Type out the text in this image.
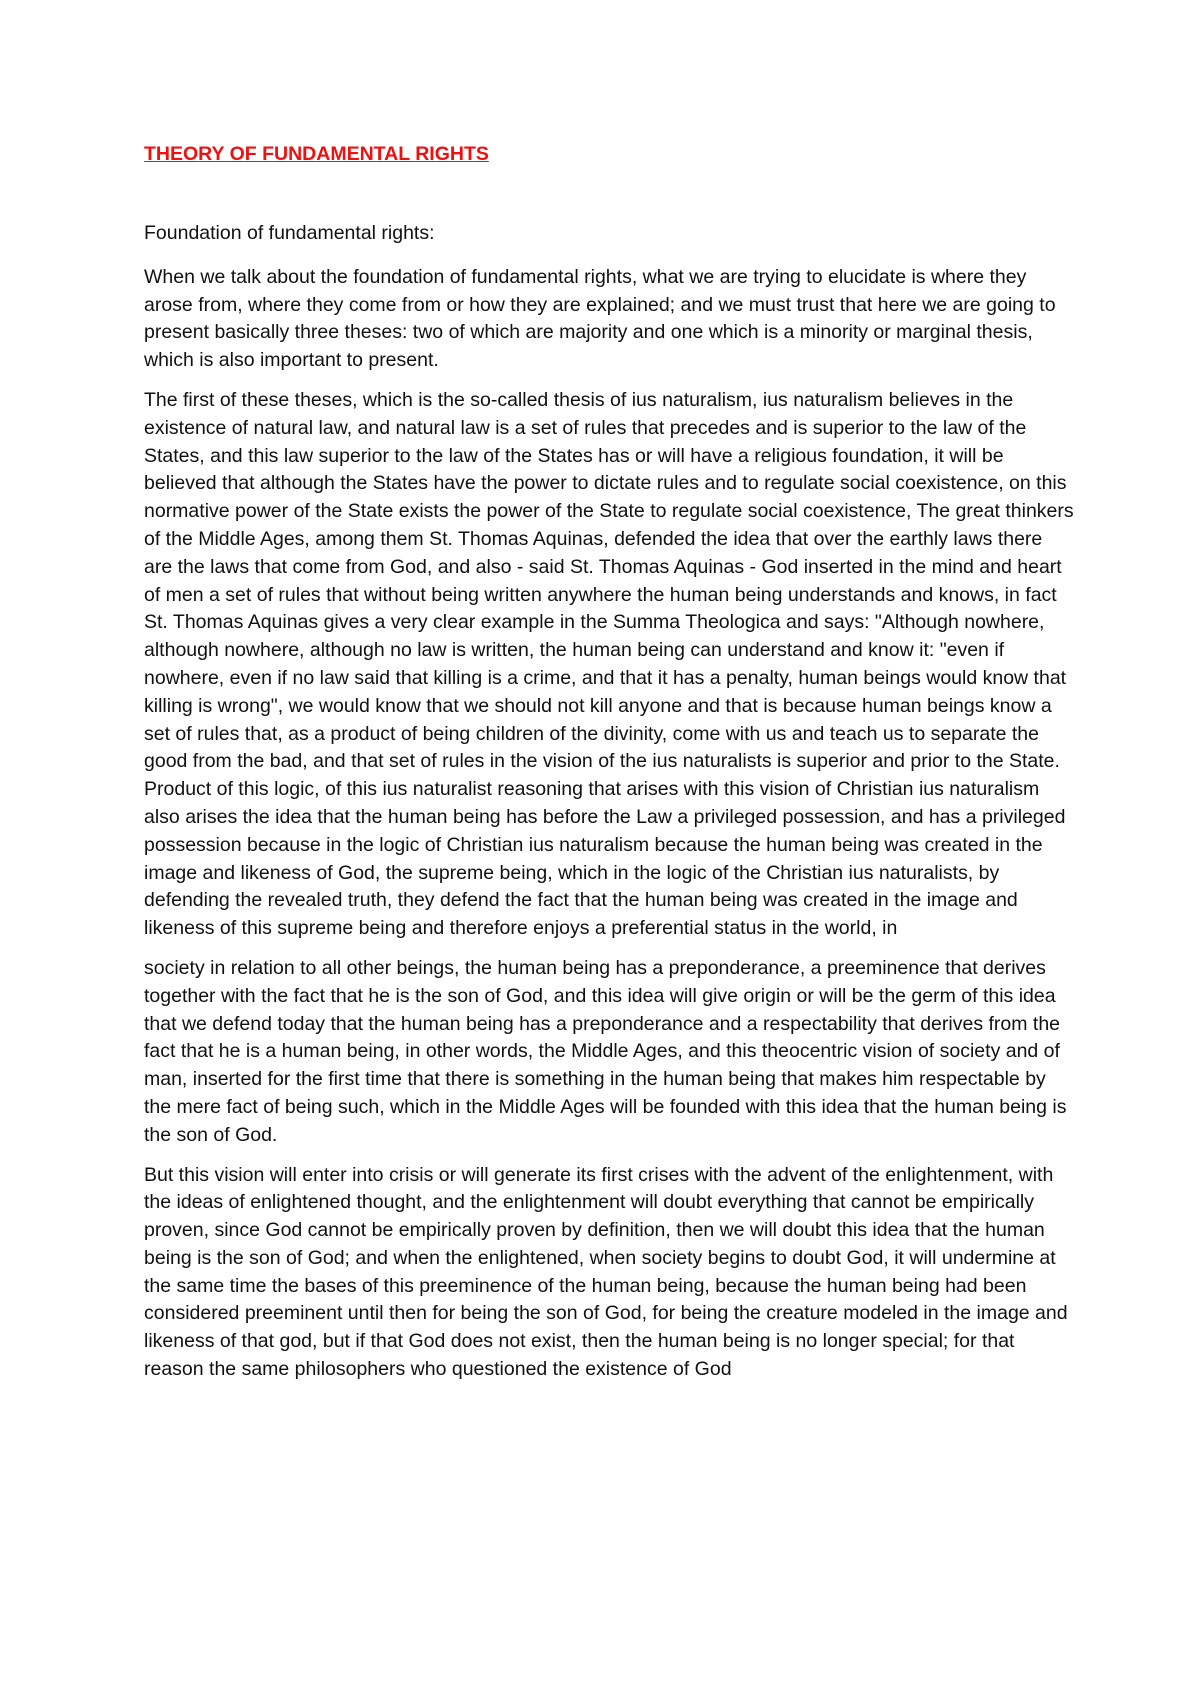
THEORY OF FUNDAMENTAL RIGHTS
Foundation of fundamental rights:

When we talk about the foundation of fundamental rights, what we are trying to elucidate is where they arose from, where they come from or how they are explained; and we must trust that here we are going to present basically three theses: two of which are majority and one which is a minority or marginal thesis, which is also important to present.

The first of these theses, which is the so-called thesis of ius naturalism, ius naturalism believes in the existence of natural law, and natural law is a set of rules that precedes and is superior to the law of the States, and this law superior to the law of the States has or will have a religious foundation, it will be believed that although the States have the power to dictate rules and to regulate social coexistence, on this normative power of the State exists the power of the State to regulate social coexistence, The great thinkers of the Middle Ages, among them St. Thomas Aquinas, defended the idea that over the earthly laws there are the laws that come from God, and also - said St. Thomas Aquinas - God inserted in the mind and heart of men a set of rules that without being written anywhere the human being understands and knows, in fact St. Thomas Aquinas gives a very clear example in the Summa Theologica and says: "Although nowhere, although nowhere, although no law is written, the human being can understand and know it: "even if nowhere, even if no law said that killing is a crime, and that it has a penalty, human beings would know that killing is wrong", we would know that we should not kill anyone and that is because human beings know a set of rules that, as a product of being children of the divinity, come with us and teach us to separate the good from the bad, and that set of rules in the vision of the ius naturalists is superior and prior to the State. Product of this logic, of this ius naturalist reasoning that arises with this vision of Christian ius naturalism also arises the idea that the human being has before the Law a privileged possession, and has a privileged possession because in the logic of Christian ius naturalism because the human being was created in the image and likeness of God, the supreme being, which in the logic of the Christian ius naturalists, by defending the revealed truth, they defend the fact that the human being was created in the image and likeness of this supreme being and therefore enjoys a preferential status in the world, in

society in relation to all other beings, the human being has a preponderance, a preeminence that derives together with the fact that he is the son of God, and this idea will give origin or will be the germ of this idea that we defend today that the human being has a preponderance and a respectability that derives from the fact that he is a human being, in other words, the Middle Ages, and this theocentric vision of society and of man, inserted for the first time that there is something in the human being that makes him respectable by the mere fact of being such, which in the Middle Ages will be founded with this idea that the human being is the son of God.

But this vision will enter into crisis or will generate its first crises with the advent of the enlightenment, with the ideas of enlightened thought, and the enlightenment will doubt everything that cannot be empirically proven, since God cannot be empirically proven by definition, then we will doubt this idea that the human being is the son of God; and when the enlightened, when society begins to doubt God, it will undermine at the same time the bases of this preeminence of the human being, because the human being had been considered preeminent until then for being the son of God, for being the creature modeled in the image and likeness of that god, but if that God does not exist, then the human being is no longer special; for that reason the same philosophers who questioned the existence of God
